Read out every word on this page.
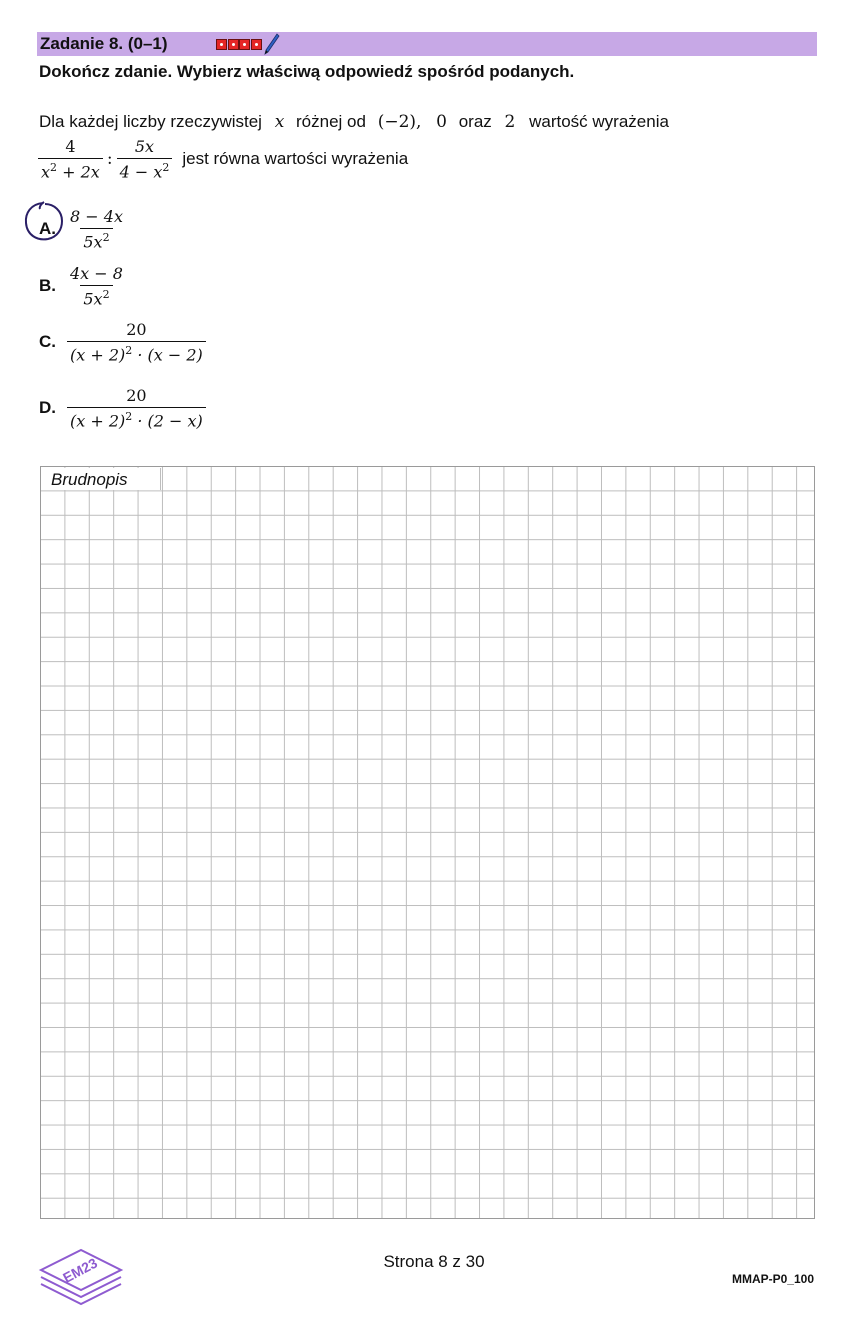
Zadanie 8. (0–1)
Dokończ zdanie. Wybierz właściwą odpowiedź spośród podanych.
Dla każdej liczby rzeczywistej x różnej od (−2), 0 oraz 2 wartość wyrażenia
$\frac{4}{x^2 + 2x}$ : $\frac{5x}{4 - x^2}$ jest równa wartości wyrażenia
A. $\frac{8 - 4x}{5x^2}$
B. $\frac{4x - 8}{5x^2}$
C. $\frac{20}{(x + 2)^2 \cdot (x - 2)}$
D. $\frac{20}{(x + 2)^2 \cdot (2 - x)}$
Brudnopis
EM23	Strona 8 z 30
MMAP-P0_100
